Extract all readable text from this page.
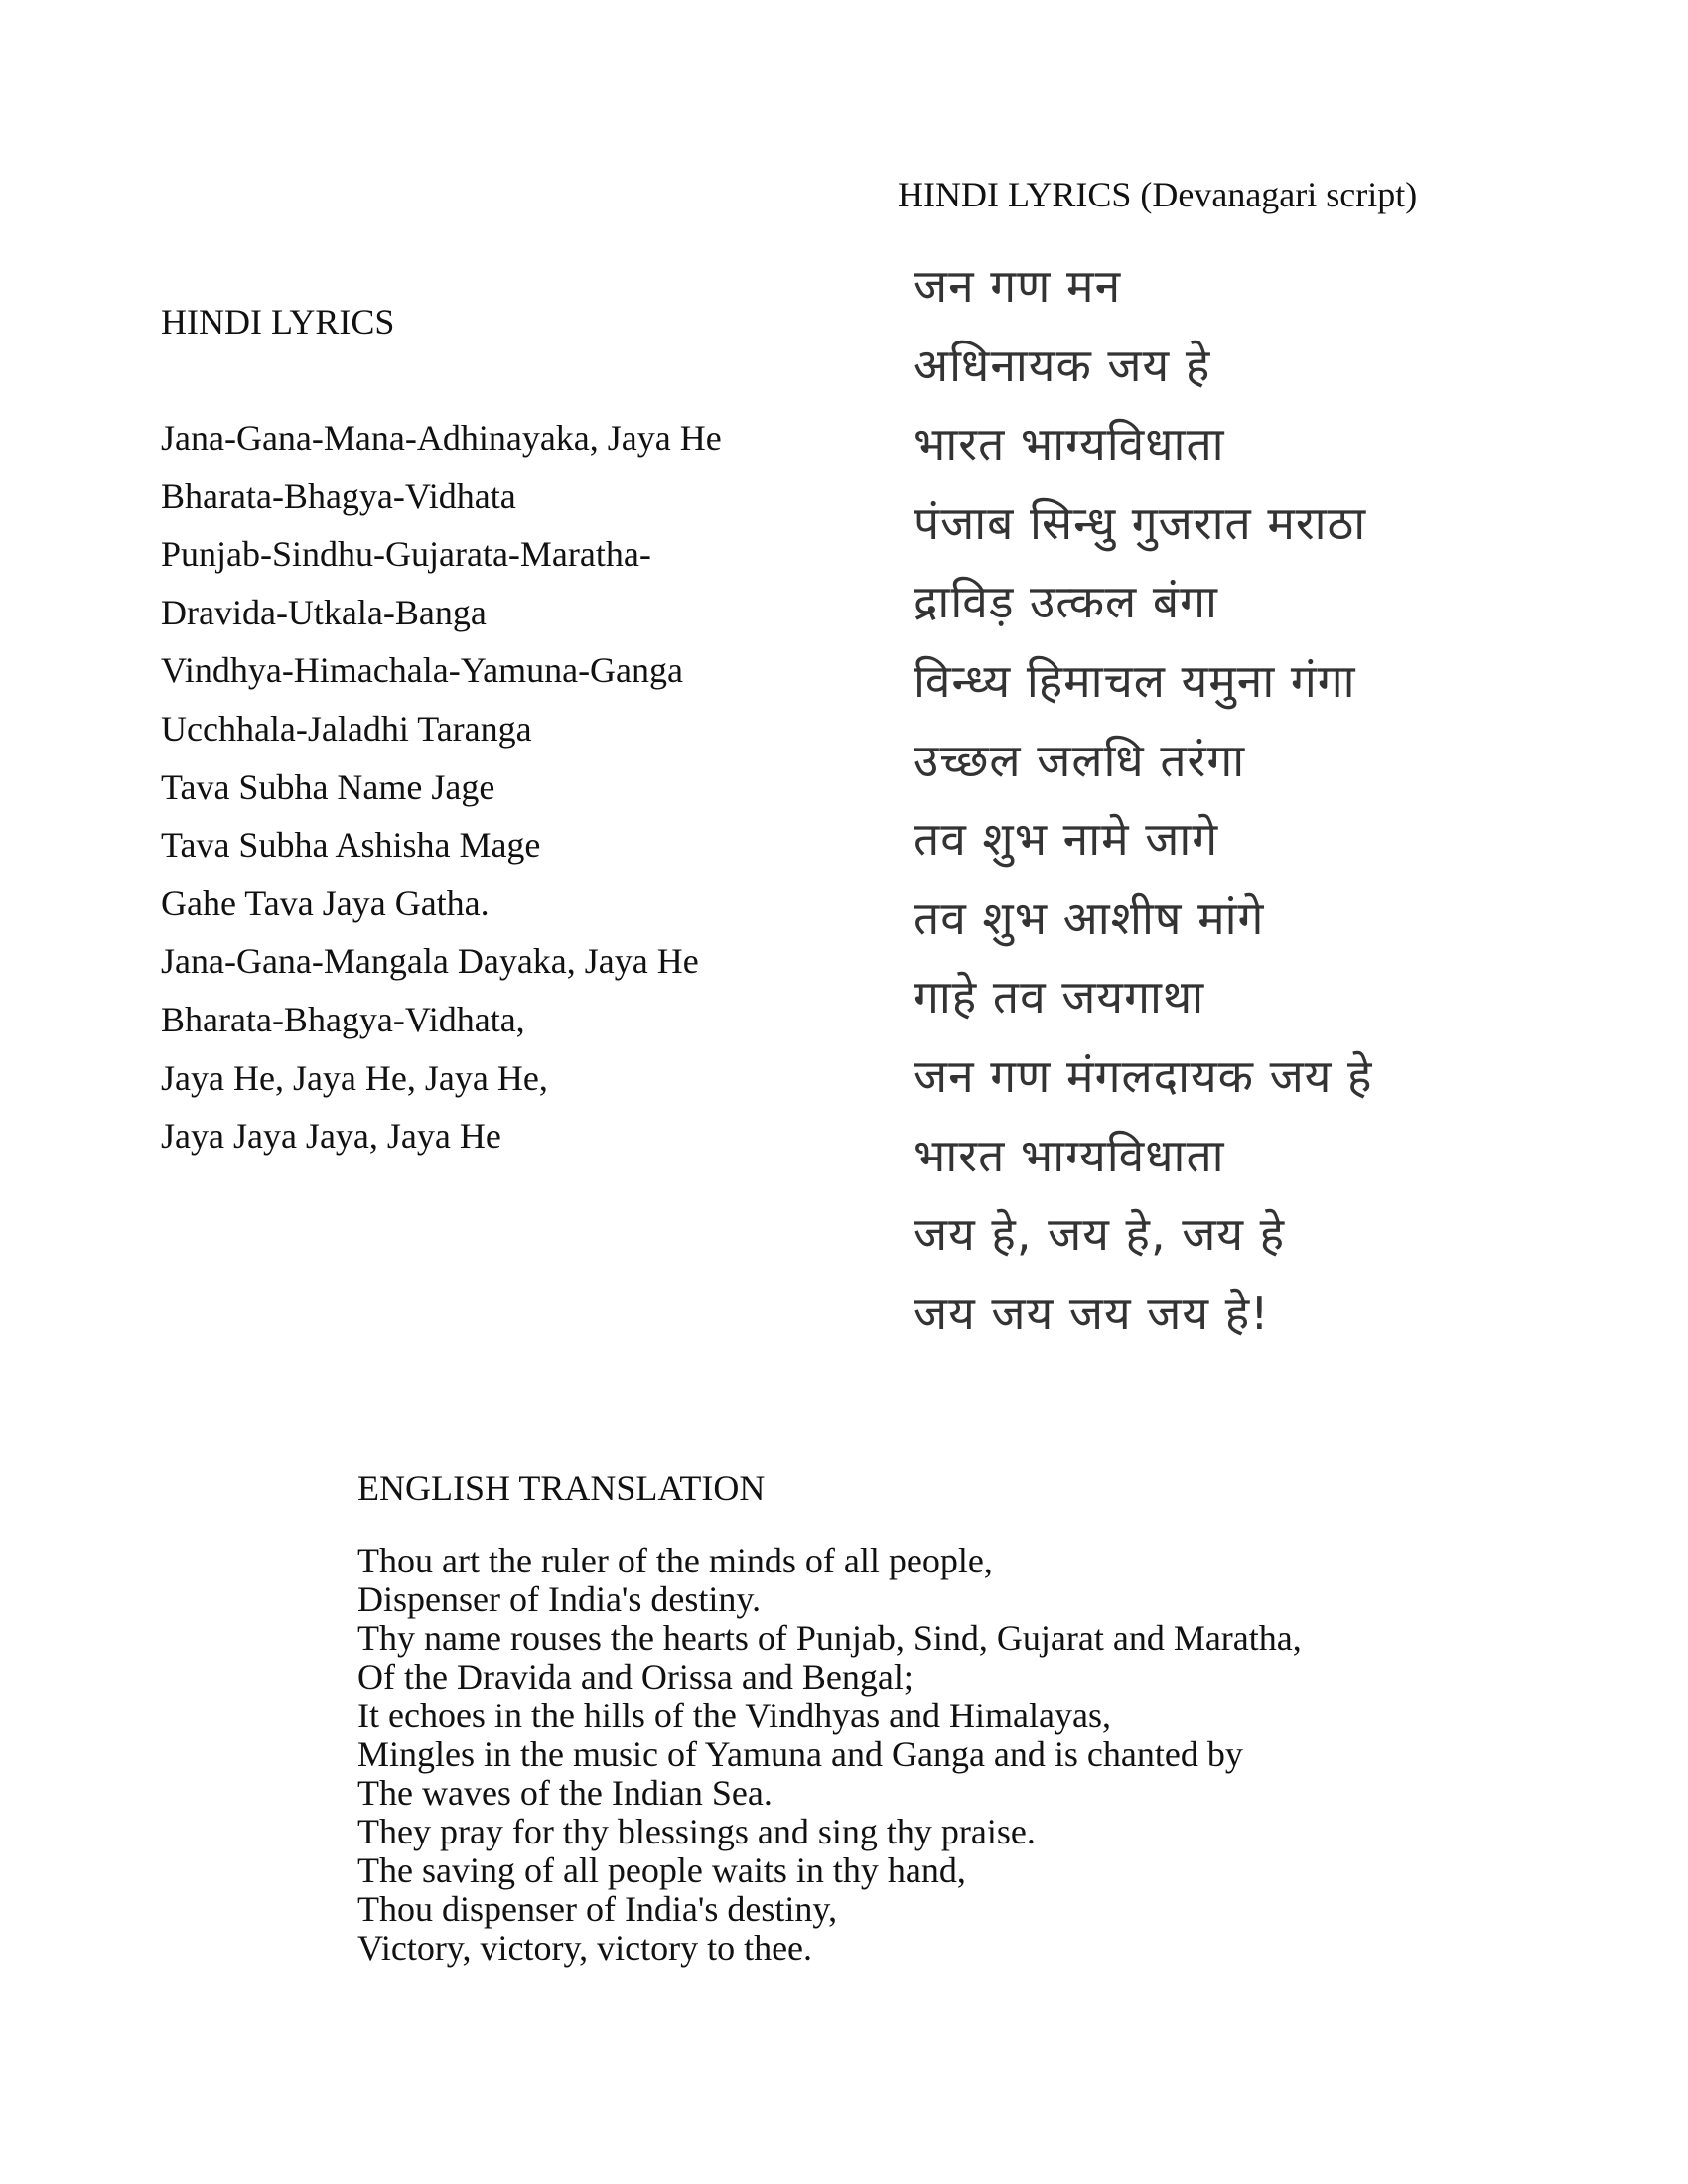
HINDI LYRICS (Devanagari script)
जन गण मन
अधिनायक जय हे
भारत भाग्यविधाता
पंजाब सिन्धु गुजरात मराठा
द्राविड़ उत्कल बंगा
विन्ध्य हिमाचल यमुना गंगा
उच्छल जलधि तरंगा
तव शुभ नामे जागे
तव शुभ आशीष मांगे
गाहे तव जयगाथा
जन गण मंगलदायक जय हे
भारत भाग्यविधाता
जय हे, जय हे, जय हे
जय जय जय जय हे!
HINDI LYRICS
Jana-Gana-Mana-Adhinayaka, Jaya He
Bharata-Bhagya-Vidhata
Punjab-Sindhu-Gujarata-Maratha-
Dravida-Utkala-Banga
Vindhya-Himachala-Yamuna-Ganga
Ucchhala-Jaladhi Taranga
Tava Subha Name Jage
Tava Subha Ashisha Mage
Gahe Tava Jaya Gatha.
Jana-Gana-Mangala Dayaka, Jaya He
Bharata-Bhagya-Vidhata,
Jaya He, Jaya He, Jaya He,
Jaya Jaya Jaya, Jaya He
ENGLISH TRANSLATION
Thou art the ruler of the minds of all people,
Dispenser of India's destiny.
Thy name rouses the hearts of Punjab, Sind, Gujarat and Maratha,
Of the Dravida and Orissa and Bengal;
It echoes in the hills of the Vindhyas and Himalayas,
Mingles in the music of Yamuna and Ganga and is chanted by
The waves of the Indian Sea.
They pray for thy blessings and sing thy praise.
The saving of all people waits in thy hand,
Thou dispenser of India's destiny,
Victory, victory, victory to thee.
